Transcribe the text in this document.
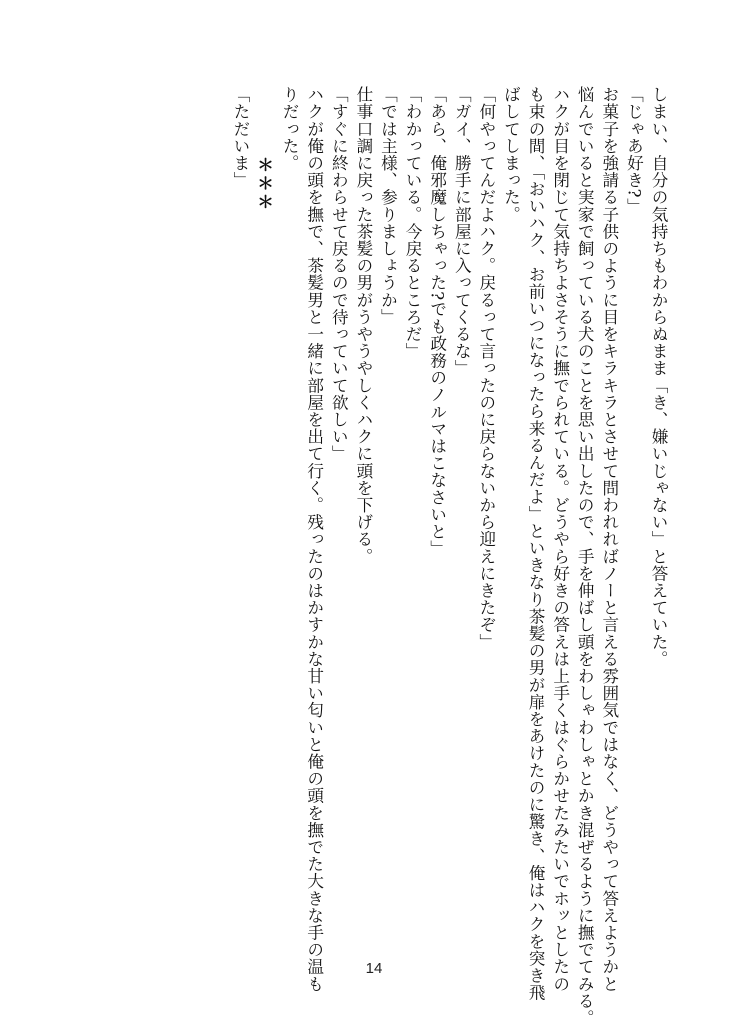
しまい、自分の気持ちもわからぬまま「き、嫌いじゃない」と答えていた。
「じゃあ好き?」
お菓子を強請る子供のように目をキラキラとさせて問われればノーと言える雰囲気ではなく、どうやって答えようかと
悩んでいると実家で飼っている犬のことを思い出したので、手を伸ばし頭をわしゃわしゃとかき混ぜるように撫でてみる。
ハクが目を閉じて気持ちよさそうに撫でられている。どうやら好きの答えは上手くはぐらかせたみたいでホッとしたの
も束の間、「おいハク、お前いつになったら来るんだよ」といきなり茶髪の男が扉をあけたのに驚き、俺はハクを突き飛
ばしてしまった。
「何やってんだよハク。戻るって言ったのに戻らないから迎えにきたぞ」
「ガイ、勝手に部屋に入ってくるな」
「あら、俺邪魔しちゃった?でも政務のノルマはこなさいと」
「わかっている。今戻るところだ」
「では主様、参りましょうか」
仕事口調に戻った茶髪の男がうやうやしくハクに頭を下げる。
「すぐに終わらせて戻るので待っていて欲しい」
ハクが俺の頭を撫で、茶髪男と一緒に部屋を出て行く。残ったのはかすかな甘い匂いと俺の頭を撫でた大きな手の温も
りだった。
＊＊＊
「ただいま」
14
